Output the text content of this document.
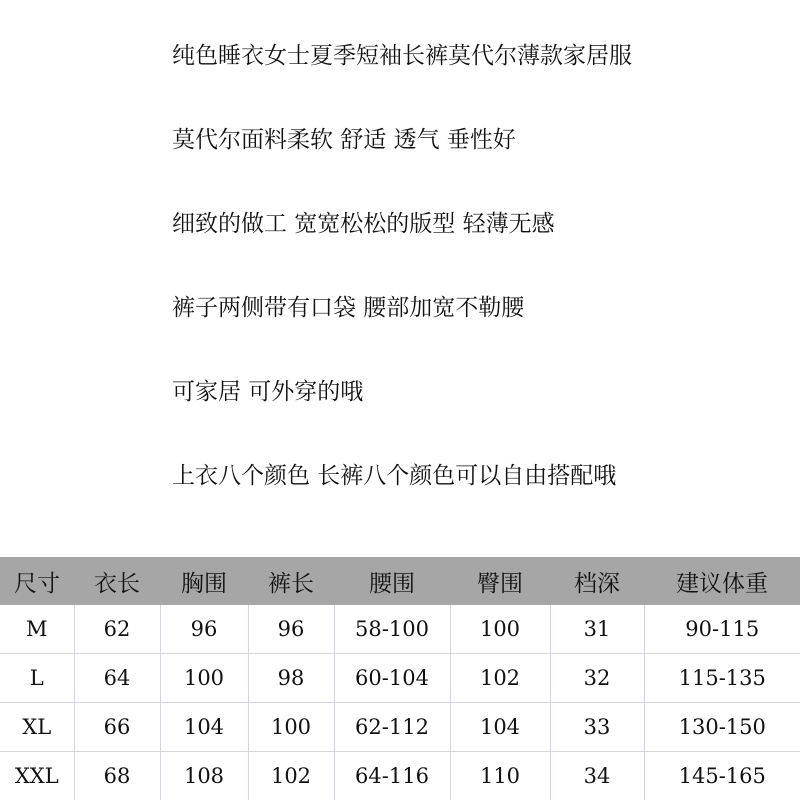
纯色睡衣女士夏季短袖长裤莫代尔薄款家居服
莫代尔面料柔软 舒适 透气 垂性好
细致的做工 宽宽松松的版型 轻薄无感
裤子两侧带有口袋 腰部加宽不勒腰
可家居 可外穿的哦
上衣八个颜色 长裤八个颜色可以自由搭配哦
尺寸	衣长	胸围	裤长	腰围	臀围	档深	建议体重
M	62	96	96	58-100	100	31	90-115
L	64	100	98	60-104	102	32	115-135
XL	66	104	100	62-112	104	33	130-150
XXL	68	108	102	64-116	110	34	145-165
